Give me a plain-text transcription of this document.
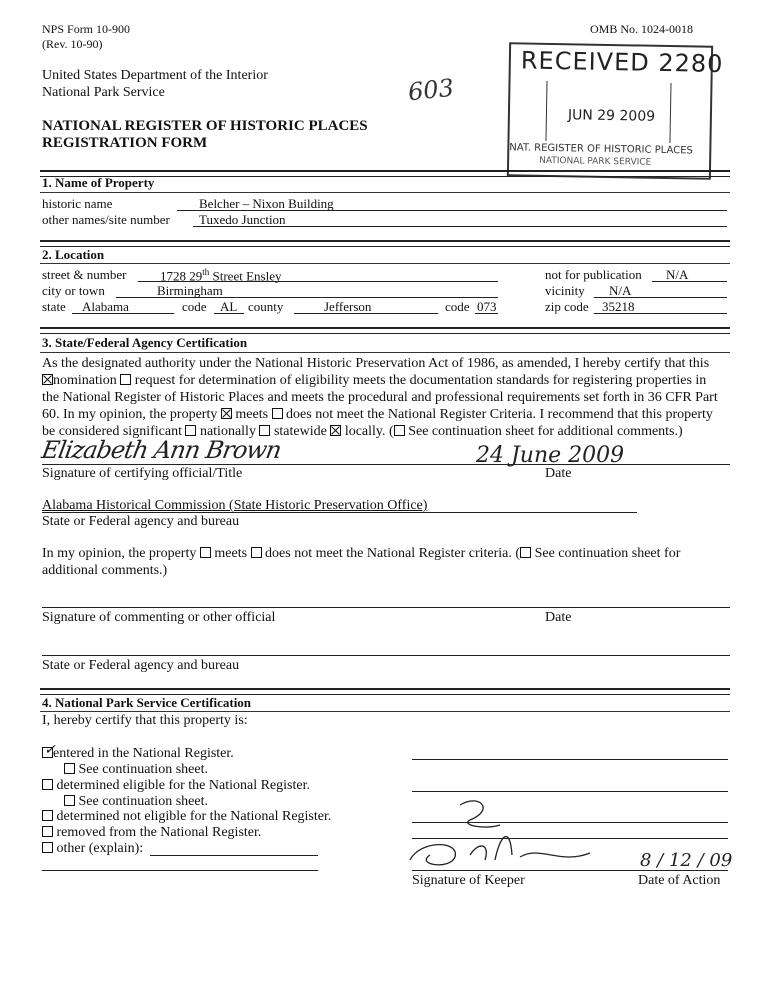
NPS Form 10-900
(Rev. 10-90)
OMB No. 1024-0018
United States Department of the Interior
National Park Service
NATIONAL REGISTER OF HISTORIC PLACES
REGISTRATION FORM
603
RECEIVED 2280
JUN 29 2009
NAT. REGISTER OF HISTORIC PLACES
NATIONAL PARK SERVICE
1. Name of Property
historic name	Belcher – Nixon Building
other names/site number Tuxedo Junction
2. Location
street & number	1728 29th Street Ensley	not for publication N/A
city or town	Birmingham	vicinity N/A
state Alabama	code AL county	Jefferson	code 073	zip code 35218
3. State/Federal Agency Certification
As the designated authority under the National Historic Preservation Act of 1986, as amended, I hereby certify that this
nomination request for determination of eligibility meets the documentation standards for registering properties in
the National Register of Historic Places and meets the procedural and professional requirements set forth in 36 CFR Part
60. In my opinion, the property meets does not meet the National Register Criteria. I recommend that this property
be considered significant nationally statewide locally. ( See continuation sheet for additional comments.)
Elizabeth Ann Brown	24 June 2009
Signature of certifying official/Title	Date
Alabama Historical Commission (State Historic Preservation Office)
State or Federal agency and bureau
In my opinion, the property meets does not meet the National Register criteria. ( See continuation sheet for
additional comments.)
Signature of commenting or other official	Date
State or Federal agency and bureau
4. National Park Service Certification
I, hereby certify that this property is:
✓
entered in the National Register.
See continuation sheet.
determined eligible for the National Register.
See continuation sheet.
determined not eligible for the National Register.
removed from the National Register.
other (explain):
8 / 12 / 09
Signature of Keeper	Date of Action
